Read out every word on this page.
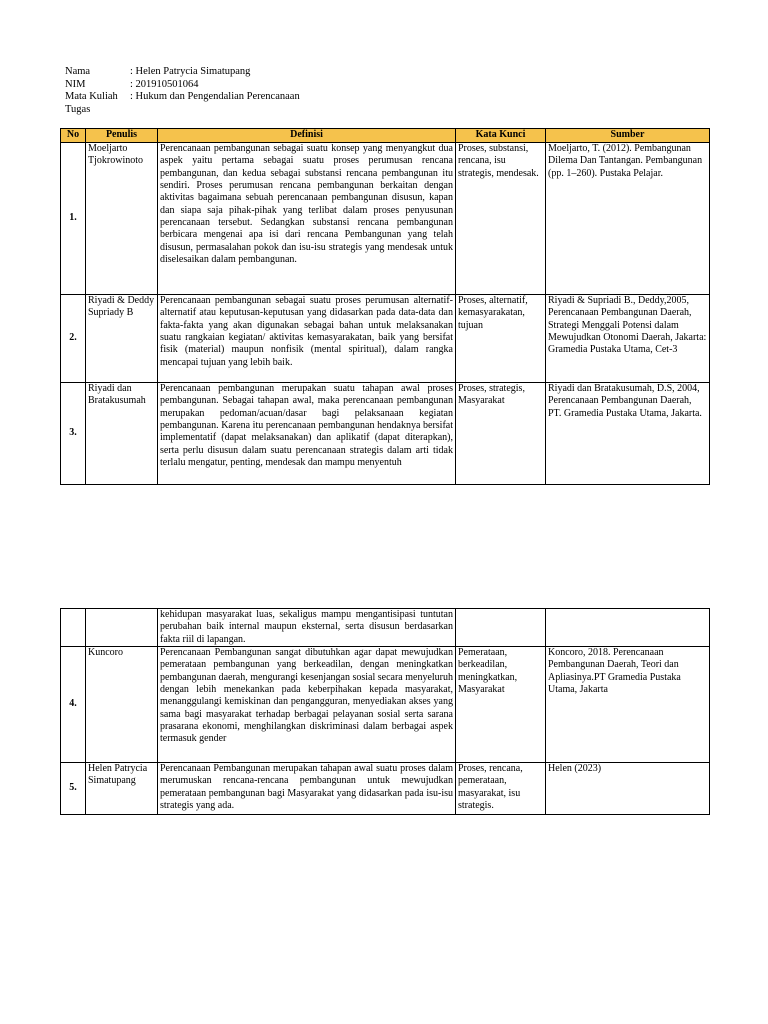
Nama	: Helen Patrycia Simatupang
NIM	: 201910501064
Mata Kuliah	: Hukum dan Pengendalian Perencanaan
Tugas
No	Penulis	Definisi	Kata Kunci	Sumber
1.	Moeljarto Tjokrowinoto	Perencanaan pembangunan sebagai suatu konsep yang menyangkut dua aspek yaitu pertama sebagai suatu proses perumusan rencana pembangunan, dan kedua sebagai substansi rencana pembangunan itu sendiri. Proses perumusan rencana pembangunan berkaitan dengan aktivitas bagaimana sebuah perencanaan pembangunan disusun, kapan dan siapa saja pihak-pihak yang terlibat dalam proses penyusunan perencanaan tersebut. Sedangkan substansi rencana pembangunan berbicara mengenai apa isi dari rencana Pembangunan yang telah disusun, permasalahan pokok dan isu-isu strategis yang mendesak untuk diselesaikan dalam pembangunan.	Proses, substansi, rencana, isu strategis, mendesak.	Moeljarto, T. (2012). Pembangunan Dilema Dan Tantangan. Pembangunan (pp. 1–260). Pustaka Pelajar.
2.	Riyadi & Deddy Supriady B	Perencanaan pembangunan sebagai suatu proses perumusan alternatif-alternatif atau keputusan-keputusan yang didasarkan pada data-data dan fakta-fakta yang akan digunakan sebagai bahan untuk melaksanakan suatu rangkaian kegiatan/ aktivitas kemasyarakatan, baik yang bersifat fisik (material) maupun nonfisik (mental spiritual), dalam rangka mencapai tujuan yang lebih baik.	Proses, alternatif, kemasyarakatan, tujuan	Riyadi & Supriadi B., Deddy,2005, Perencanaan Pembangunan Daerah, Strategi Menggali Potensi dalam Mewujudkan Otonomi Daerah, Jakarta: Gramedia Pustaka Utama, Cet-3
3.	Riyadi dan Bratakusumah	Perencanaan pembangunan merupakan suatu tahapan awal proses pembangunan. Sebagai tahapan awal, maka perencanaan pembangunan merupakan pedoman/acuan/dasar bagi pelaksanaan kegiatan pembangunan. Karena itu perencanaan pembangunan hendaknya bersifat implementatif (dapat melaksanakan) dan aplikatif (dapat diterapkan), serta perlu disusun dalam suatu perencanaan strategis dalam arti tidak terlalu mengatur, penting, mendesak dan mampu menyentuh	Proses, strategis, Masyarakat	Riyadi dan Bratakusumah, D.S, 2004, Perencanaan Pembangunan Daerah, PT. Gramedia Pustaka Utama, Jakarta.
		kehidupan masyarakat luas, sekaligus mampu mengantisipasi tuntutan perubahan baik internal maupun eksternal, serta disusun berdasarkan fakta riil di lapangan.		
4.	Kuncoro	Perencanaan Pembangunan sangat dibutuhkan agar dapat mewujudkan pemerataan pembangunan yang berkeadilan, dengan meningkatkan pembangunan daerah, mengurangi kesenjangan sosial secara menyeluruh dengan lebih menekankan pada keberpihakan kepada masyarakat, menanggulangi kemiskinan dan pengangguran, menyediakan akses yang sama bagi masyarakat terhadap berbagai pelayanan sosial serta sarana prasarana ekonomi, menghilangkan diskriminasi dalam berbagai aspek termasuk gender	Pemerataan, berkeadilan, meningkatkan, Masyarakat	Koncoro, 2018. Perencanaan Pembangunan Daerah, Teori dan Apliasinya.PT Gramedia Pustaka Utama, Jakarta
5.	Helen Patrycia Simatupang	Perencanaan Pembangunan merupakan tahapan awal suatu proses dalam merumuskan rencana-rencana pembangunan untuk mewujudkan pemerataan pembangunan bagi Masyarakat yang didasarkan pada isu-isu strategis yang ada.	Proses, rencana, pemerataan, masyarakat, isu strategis.	Helen (2023)
